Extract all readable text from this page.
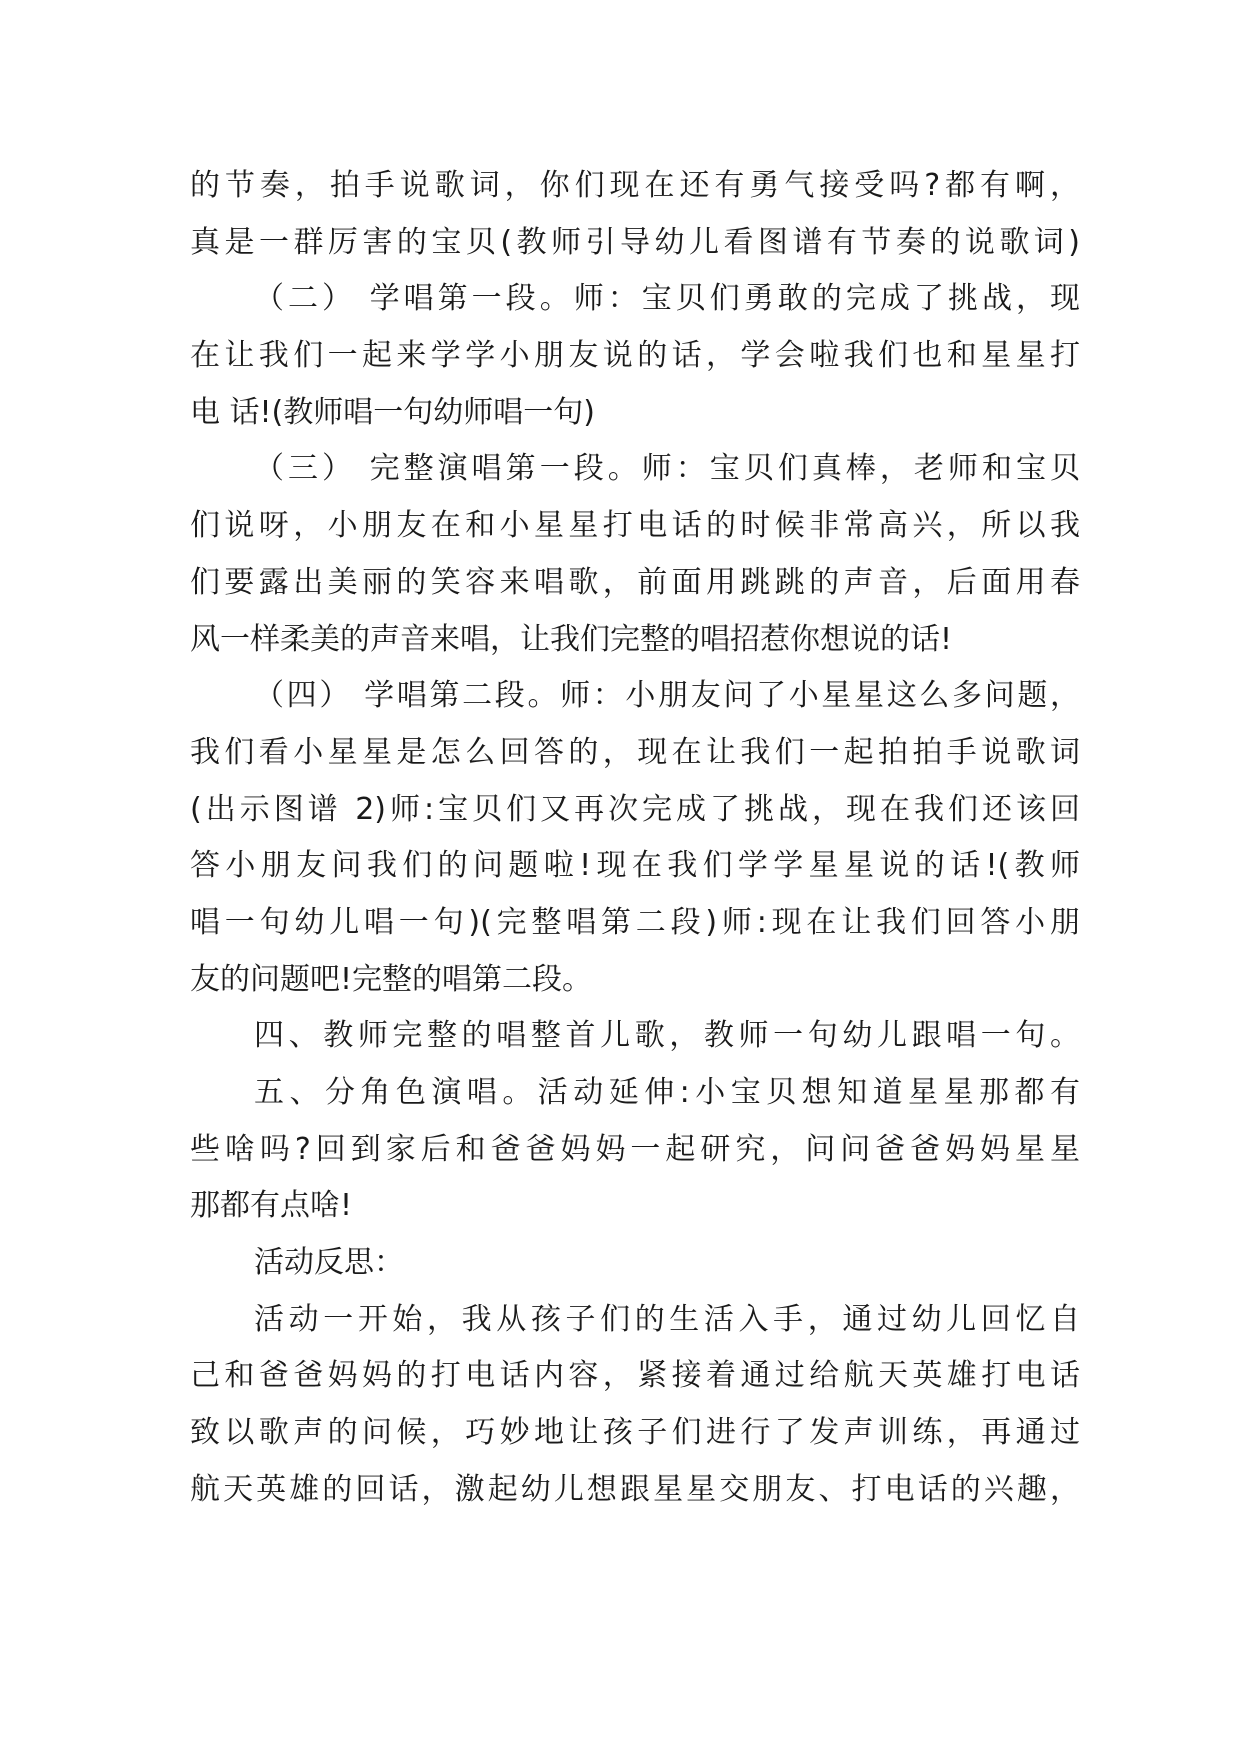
的节奏，拍手说歌词，你们现在还有勇气接受吗?都有啊，
真是一群厉害的宝贝(教师引导幼儿看图谱有节奏的说歌词)
（二） 学唱第一段。师：宝贝们勇敢的完成了挑战，现
在让我们一起来学学小朋友说的话，学会啦我们也和星星打
电 话!(教师唱一句幼师唱一句)
（三） 完整演唱第一段。师：宝贝们真棒，老师和宝贝
们说呀，小朋友在和小星星打电话的时候非常高兴，所以我
们要露出美丽的笑容来唱歌，前面用跳跳的声音，后面用春
风一样柔美的声音来唱，让我们完整的唱招惹你想说的话!
（四） 学唱第二段。师：小朋友问了小星星这么多问题，
我们看小星星是怎么回答的，现在让我们一起拍拍手说歌词
(出示图谱 2)师:宝贝们又再次完成了挑战，现在我们还该回
答小朋友问我们的问题啦!现在我们学学星星说的话!(教师
唱一句幼儿唱一句)(完整唱第二段)师:现在让我们回答小朋
友的问题吧!完整的唱第二段。
四、教师完整的唱整首儿歌，教师一句幼儿跟唱一句。
五、分角色演唱。活动延伸:小宝贝想知道星星那都有
些啥吗?回到家后和爸爸妈妈一起研究，问问爸爸妈妈星星
那都有点啥!
活动反思：
活动一开始，我从孩子们的生活入手，通过幼儿回忆自
己和爸爸妈妈的打电话内容，紧接着通过给航天英雄打电话
致以歌声的问候，巧妙地让孩子们进行了发声训练，再通过
航天英雄的回话，激起幼儿想跟星星交朋友、打电话的兴趣，
